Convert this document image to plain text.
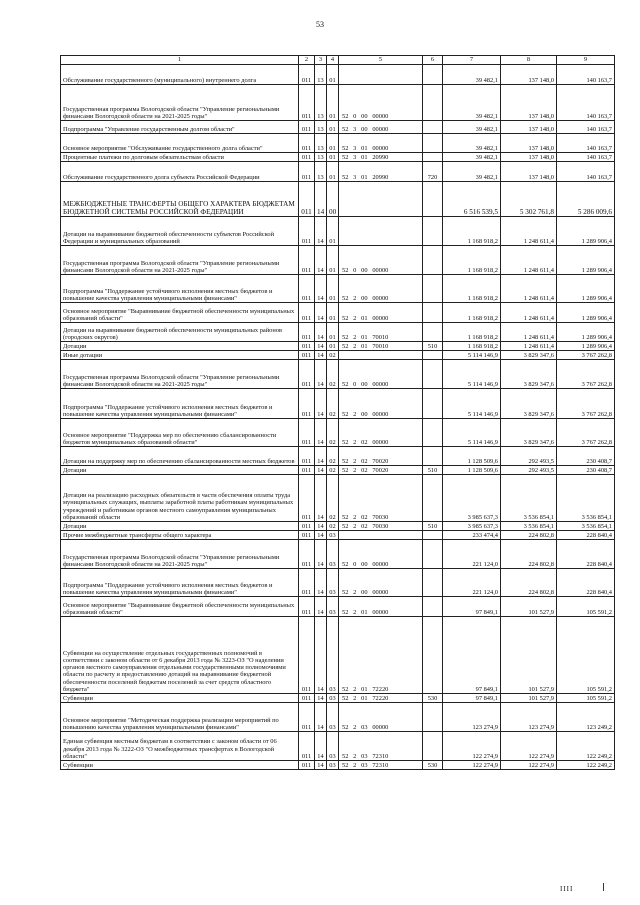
53
1	2	3	4	5	6	7	8	9
Обслуживание государственного (муниципального) внутреннего долга	011	13	01			39 482,1	137 148,0	140 163,7
Государственная программа Вологодской области "Управление региональными финансами Вологодской области на 2021-2025 годы"	011	13	01	52   0   00   00000		39 482,1	137 148,0	140 163,7
Подпрограмма "Управление государственным долгом области"	011	13	01	52   3   00   00000		39 482,1	137 148,0	140 163,7
Основное мероприятие "Обслуживание государственного долга области"	011	13	01	52   3   01   00000		39 482,1	137 148,0	140 163,7
Процентные платежи по долговым обязательствам области	011	13	01	52   3   01   20990		39 482,1	137 148,0	140 163,7
Обслуживание государственного долга субъекта Российской Федерации	011	13	01	52   3   01   20990	720	39 482,1	137 148,0	140 163,7
МЕЖБЮДЖЕТНЫЕ ТРАНСФЕРТЫ ОБЩЕГО ХАРАКТЕРА БЮДЖЕТАМ БЮДЖЕТНОЙ СИСТЕМЫ РОССИЙСКОЙ ФЕДЕРАЦИИ	011	14	00			6 516 539,5	5 302 761,8	5 286 009,6
Дотации на выравнивание бюджетной обеспеченности субъектов Российской Федерации и муниципальных образований	011	14	01			1 168 918,2	1 248 611,4	1 289 906,4
Государственная программа Вологодской области "Управление региональными финансами Вологодской области на 2021-2025 годы"	011	14	01	52   0   00   00000		1 168 918,2	1 248 611,4	1 289 906,4
Подпрограмма "Поддержание устойчивого исполнения местных бюджетов и повышение качества управления муниципальными финансами"	011	14	01	52   2   00   00000		1 168 918,2	1 248 611,4	1 289 906,4
Основное мероприятие "Выравнивание бюджетной обеспеченности муниципальных образований области"	011	14	01	52   2   01   00000		1 168 918,2	1 248 611,4	1 289 906,4
Дотации на выравнивание бюджетной обеспеченности муниципальных районов (городских округов)	011	14	01	52   2   01   70010		1 168 918,2	1 248 611,4	1 289 906,4
Дотации	011	14	01	52   2   01   70010	510	1 168 918,2	1 248 611,4	1 289 906,4
Иные дотации	011	14	02			5 114 146,9	3 829 347,6	3 767 262,8
Государственная программа Вологодской области "Управление региональными финансами Вологодской области на 2021-2025 годы"	011	14	02	52   0   00   00000		5 114 146,9	3 829 347,6	3 767 262,8
Подпрограмма "Поддержание устойчивого исполнения местных бюджетов и повышение качества управления муниципальными финансами"	011	14	02	52   2   00   00000		5 114 146,9	3 829 347,6	3 767 262,8
Основное мероприятие "Поддержка мер по обеспечению сбалансированности бюджетов муниципальных образований области"	011	14	02	52   2   02   00000		5 114 146,9	3 829 347,6	3 767 262,8
Дотации на поддержку мер по обеспечению сбалансированности местных бюджетов	011	14	02	52   2   02   70020		1 128 509,6	292 493,5	230 408,7
Дотации	011	14	02	52   2   02   70020	510	1 128 509,6	292 493,5	230 408,7
Дотации на реализацию расходных обязательств в части обеспечения оплаты труда муниципальных служащих, выплаты заработной платы работникам муниципальных учреждений и работникам органов местного самоуправления муниципальных образований области	011	14	02	52   2   02   70030		3 985 637,3	3 536 854,1	3 536 854,1
Дотации	011	14	02	52   2   02   70030	510	3 985 637,3	3 536 854,1	3 536 854,1
Прочие межбюджетные трансферты общего характера	011	14	03			233 474,4	224 802,8	228 840,4
Государственная программа Вологодской области "Управление региональными финансами Вологодской области на 2021-2025 годы"	011	14	03	52   0   00   00000		221 124,0	224 802,8	228 840,4
Подпрограмма "Поддержание устойчивого исполнения местных бюджетов и повышение качества управления муниципальными финансами"	011	14	03	52   2   00   00000		221 124,0	224 802,8	228 840,4
Основное мероприятие "Выравнивание бюджетной обеспеченности муниципальных образований области"	011	14	03	52   2   01   00000		97 849,1	101 527,9	105 591,2
Субвенции на осуществление отдельных государственных полномочий в соответствии с законом области от 6 декабря 2013 года № 3223-ОЗ "О наделении органов местного самоуправления отдельными государственными полномочиями области по расчету и предоставлению дотаций на выравнивание бюджетной обеспеченности поселений бюджетам поселений за счет средств областного бюджета"	011	14	03	52   2   01   72220		97 849,1	101 527,9	105 591,2
Субвенции	011	14	03	52   2   01   72220	530	97 849,1	101 527,9	105 591,2
Основное мероприятие "Методическая поддержка реализации мероприятий по повышению качества управления муниципальными финансами"	011	14	03	52   2   03   00000		123 274,9	123 274,9	123 249,2
Единая субвенция местным бюджетам в соответствии с законом области от 06 декабря 2013 года № 3222-ОЗ "О межбюджетных трансфертах в Вологодской области"	011	14	03	52   2   03   72310		122 274,9	122 274,9	122 249,2
Субвенции	011	14	03	52   2   03   72310	530	122 274,9	122 274,9	122 249,2
IIII
